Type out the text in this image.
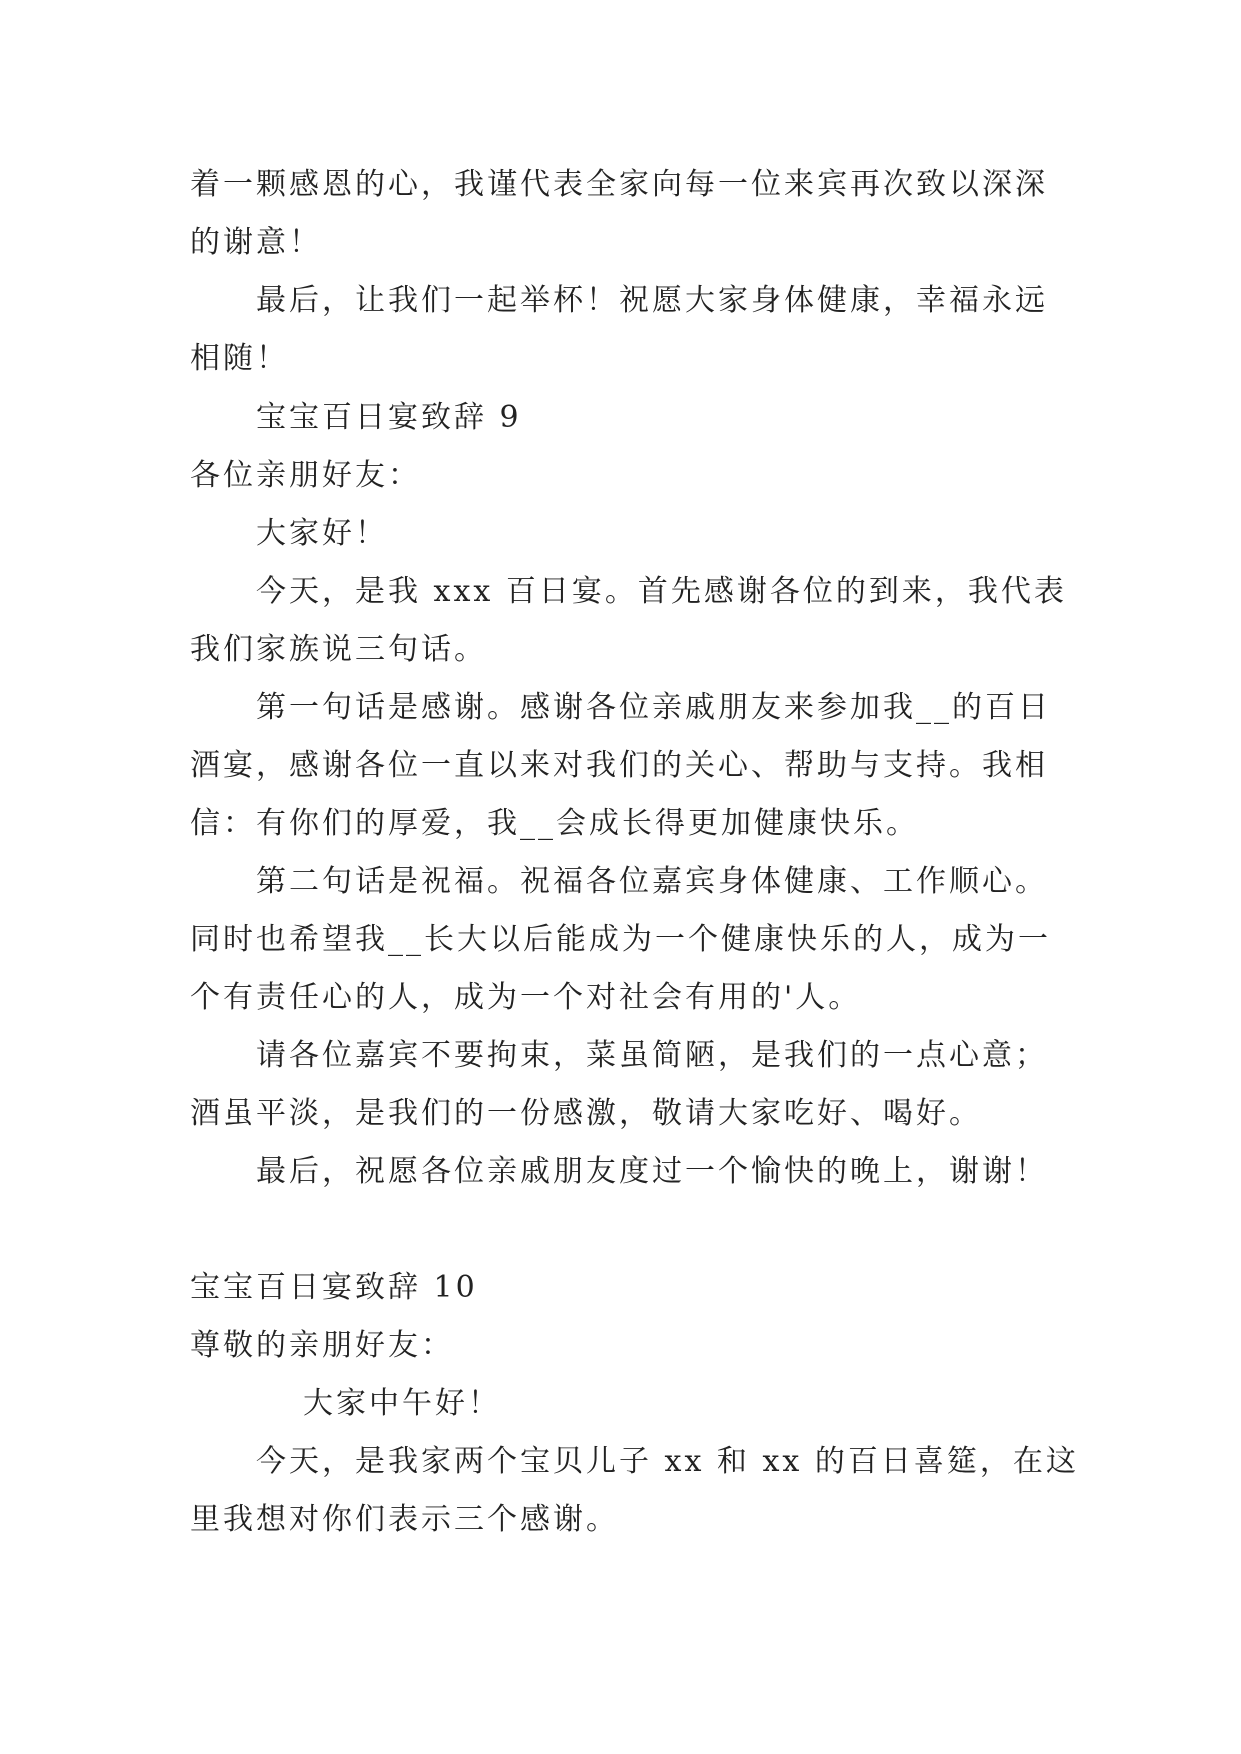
着一颗感恩的心，我谨代表全家向每一位来宾再次致以深深
的谢意！
最后，让我们一起举杯！祝愿大家身体健康，幸福永远
相随！
宝宝百日宴致辞 9
各位亲朋好友：
大家好！
今天，是我 xxx 百日宴。首先感谢各位的到来，我代表
我们家族说三句话。
第一句话是感谢。感谢各位亲戚朋友来参加我__的百日
酒宴，感谢各位一直以来对我们的关心、帮助与支持。我相
信：有你们的厚爱，我__会成长得更加健康快乐。
第二句话是祝福。祝福各位嘉宾身体健康、工作顺心。
同时也希望我__长大以后能成为一个健康快乐的人，成为一
个有责任心的人，成为一个对社会有用的'人。
请各位嘉宾不要拘束，菜虽简陋，是我们的一点心意；
酒虽平淡，是我们的一份感激，敬请大家吃好、喝好。
最后，祝愿各位亲戚朋友度过一个愉快的晚上，谢谢！
宝宝百日宴致辞 10
尊敬的亲朋好友：
大家中午好！
今天，是我家两个宝贝儿子 xx 和 xx 的百日喜筵，在这
里我想对你们表示三个感谢。
